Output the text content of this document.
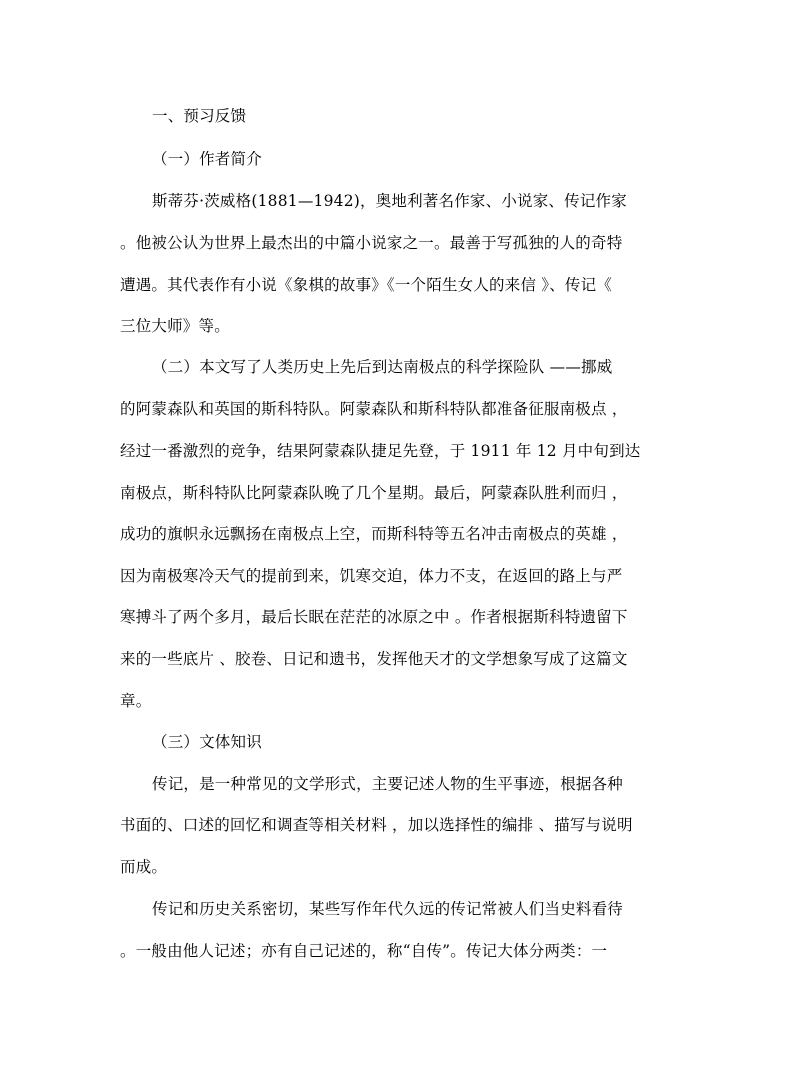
一、预习反馈
（一）作者简介
斯蒂芬·茨威格(1881—1942)，奥地利著名作家、小说家、传记作家
。他被公认为世界上最杰出的中篇小说家之一。最善于写孤独的人的奇特
遭遇。其代表作有小说《象棋的故事》《一个陌生女人的来信 》、传记《
三位大师》等。
（二）本文写了人类历史上先后到达南极点的科学探险队 ——挪威
的阿蒙森队和英国的斯科特队。阿蒙森队和斯科特队都准备征服南极点 ，
经过一番激烈的竞争，结果阿蒙森队捷足先登，于 1911 年 12 月中旬到达
南极点，斯科特队比阿蒙森队晚了几个星期。最后，阿蒙森队胜利而归 ，
成功的旗帜永远飘扬在南极点上空，而斯科特等五名冲击南极点的英雄 ，
因为南极寒冷天气的提前到来，饥寒交迫，体力不支，在返回的路上与严
寒搏斗了两个多月，最后长眠在茫茫的冰原之中 。作者根据斯科特遗留下
来的一些底片 、胶卷、日记和遗书，发挥他天才的文学想象写成了这篇文
章。
（三）文体知识
传记，是一种常见的文学形式，主要记述人物的生平事迹，根据各种
书面的、口述的回忆和调查等相关材料 ，加以选择性的编排 、描写与说明
而成。
传记和历史关系密切，某些写作年代久远的传记常被人们当史料看待
。一般由他人记述；亦有自己记述的，称“自传”。传记大体分两类：一
